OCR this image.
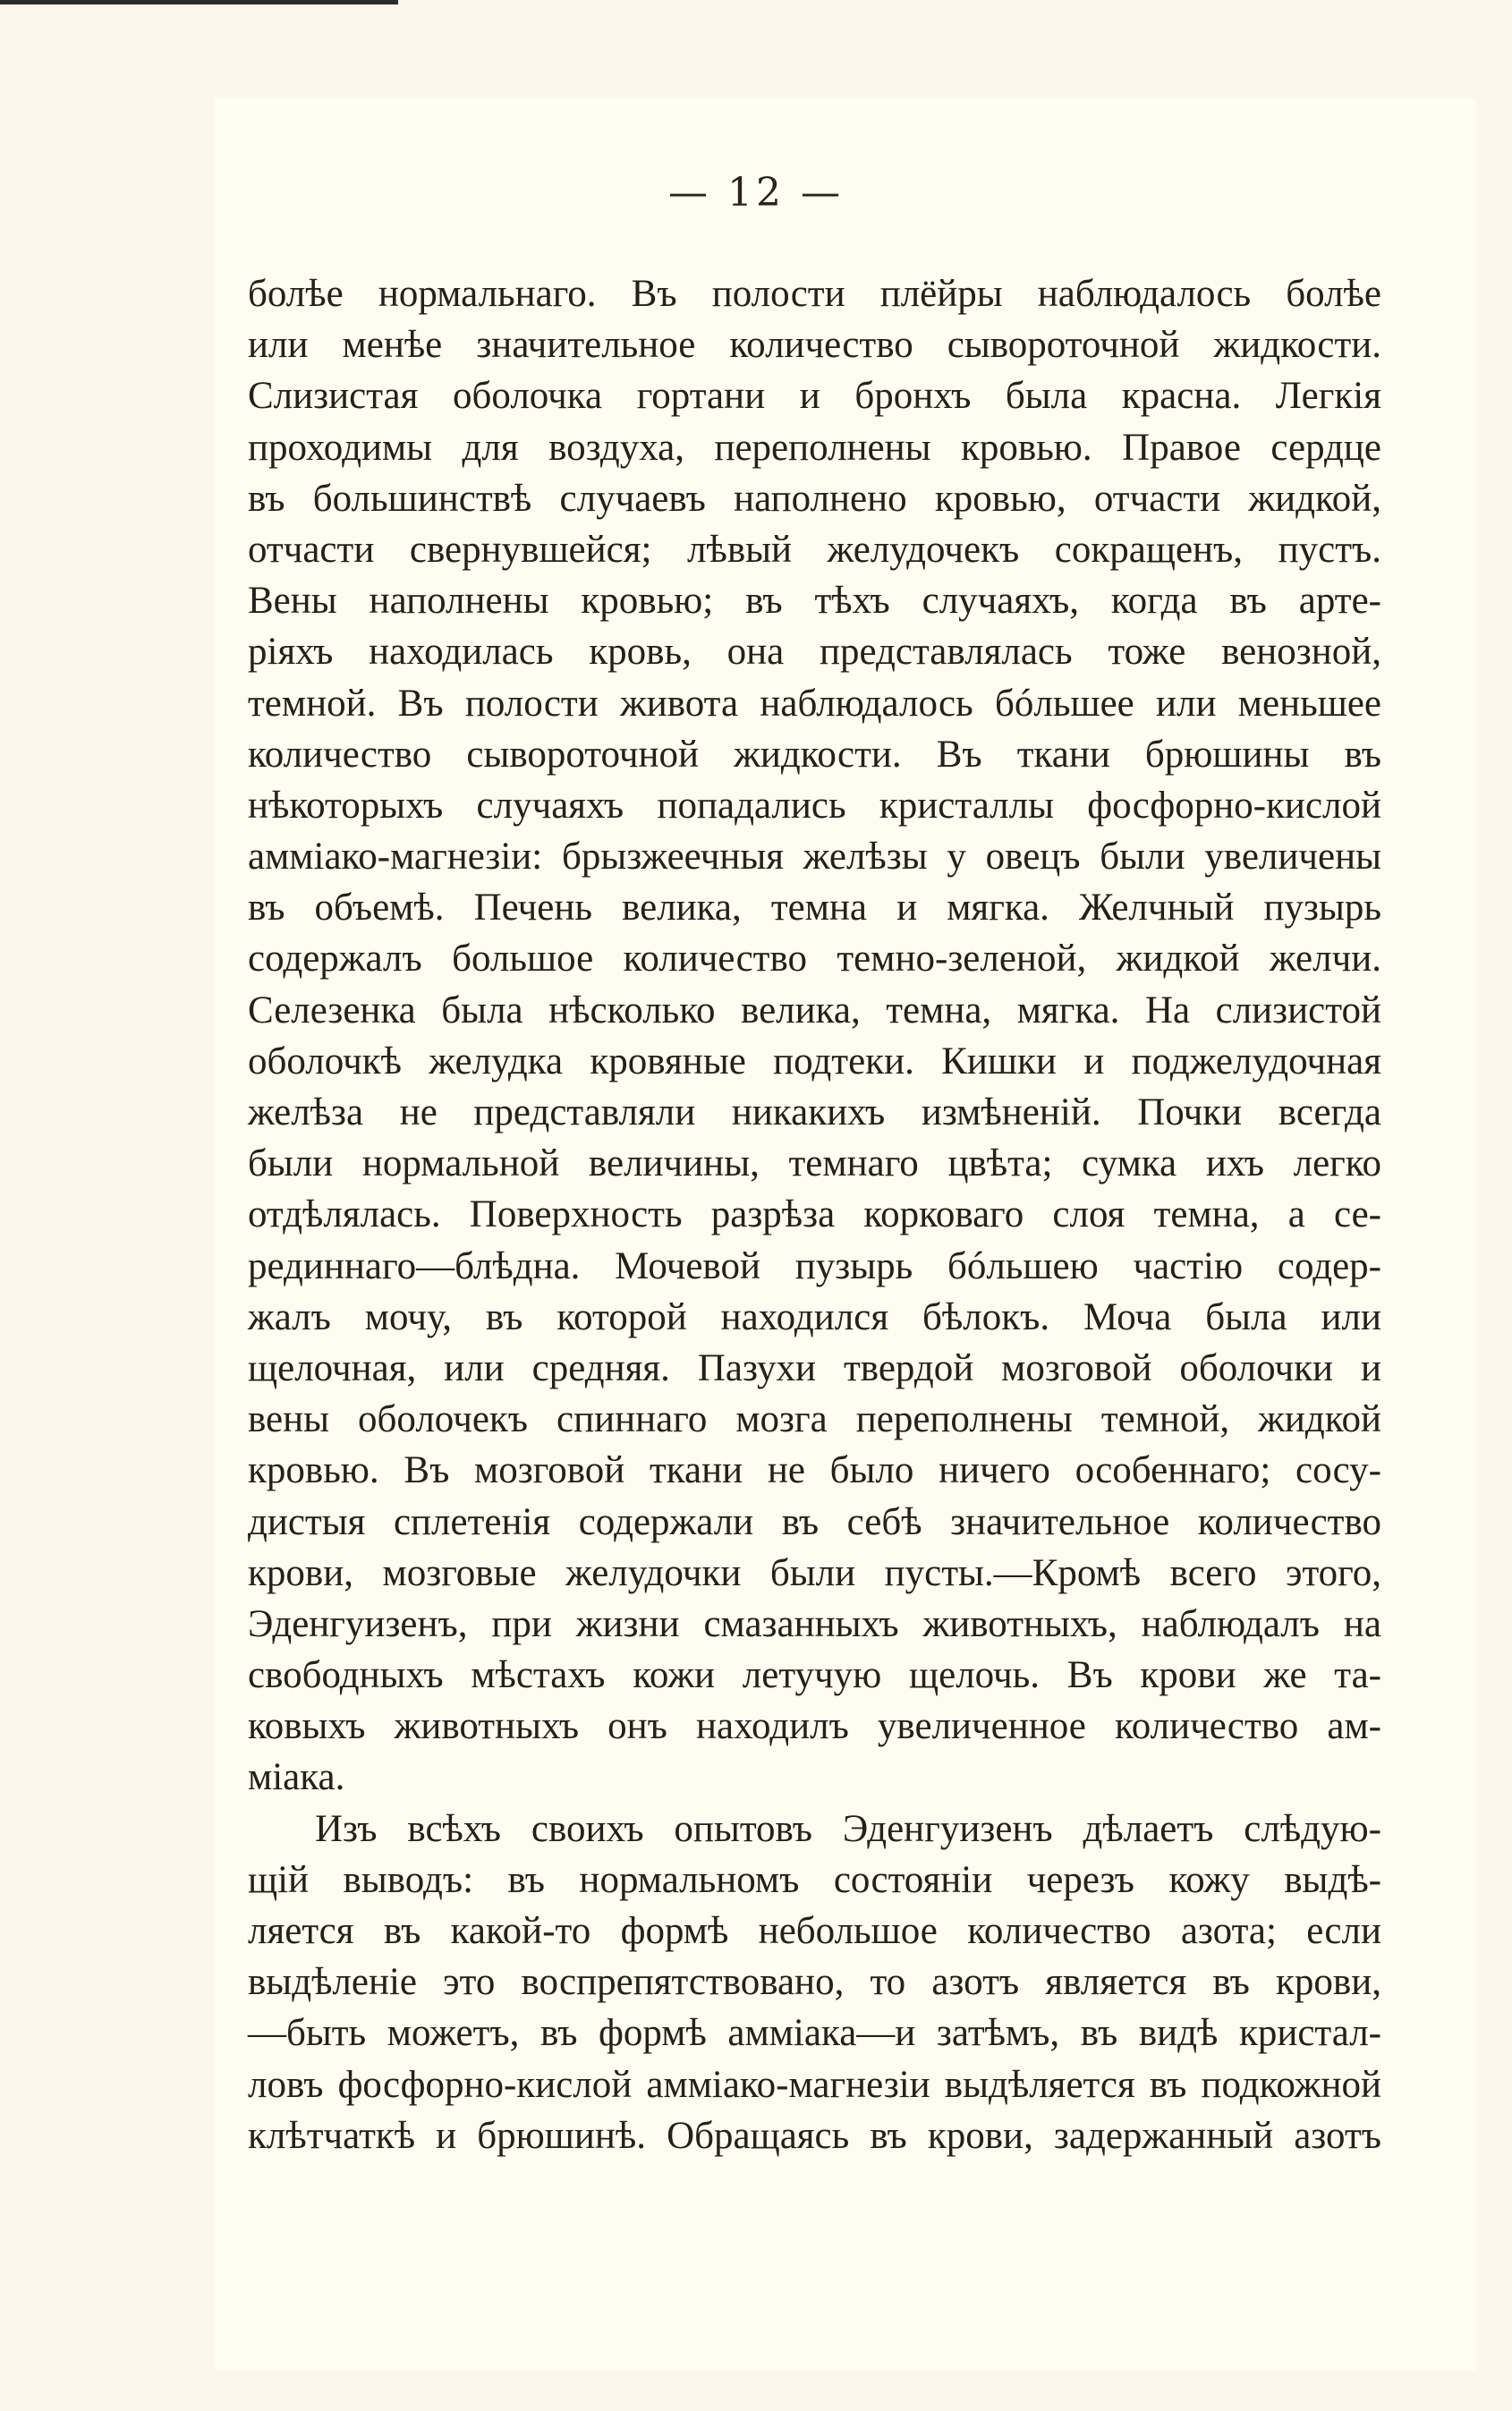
— 12 —
болѣе нормальнаго. Въ полости плёйры наблюдалось болѣе
или менѣе значительное количество сывороточной жидкости.
Слизистая оболочка гортани и бронхъ была красна. Легкія
проходимы для воздуха, переполнены кровью. Правое сердце
въ большинствѣ случаевъ наполнено кровью, отчасти жидкой,
отчасти свернувшейся; лѣвый желудочекъ сокращенъ, пустъ.
Вены наполнены кровью; въ тѣхъ случаяхъ, когда въ арте-
ріяхъ находилась кровь, она представлялась тоже венозной,
темной. Въ полости живота наблюдалось бóльшее или меньшее
количество сывороточной жидкости. Въ ткани брюшины въ
нѣкоторыхъ случаяхъ попадались кристаллы фосфорно-кислой
амміако-магнезіи: брызжеечныя желѣзы у овецъ были увеличены
въ объемѣ. Печень велика, темна и мягка. Желчный пузырь
содержалъ большое количество темно-зеленой, жидкой желчи.
Селезенка была нѣсколько велика, темна, мягка. На слизистой
оболочкѣ желудка кровяные подтеки. Кишки и поджелудочная
желѣза не представляли никакихъ измѣненій. Почки всегда
были нормальной величины, темнаго цвѣта; сумка ихъ легко
отдѣлялась. Поверхность разрѣза корковаго слоя темна, а се-
рединнаго—блѣдна. Мочевой пузырь бóльшею частію содер-
жалъ мочу, въ которой находился бѣлокъ. Моча была или
щелочная, или средняя. Пазухи твердой мозговой оболочки и
вены оболочекъ спиннаго мозга переполнены темной, жидкой
кровью. Въ мозговой ткани не было ничего особеннаго; сосу-
дистыя сплетенія содержали въ себѣ значительное количество
крови, мозговые желудочки были пусты.—Кромѣ всего этого,
Эденгуизенъ, при жизни смазанныхъ животныхъ, наблюдалъ на
свободныхъ мѣстахъ кожи летучую щелочь. Въ крови же та-
ковыхъ животныхъ онъ находилъ увеличенное количество ам-
міака.
Изъ всѣхъ своихъ опытовъ Эденгуизенъ дѣлаетъ слѣдую-
щій выводъ: въ нормальномъ состояніи черезъ кожу выдѣ-
ляется въ какой-то формѣ небольшое количество азота; если
выдѣленіе это воспрепятствовано, то азотъ является въ крови,
—быть можетъ, въ формѣ амміака—и затѣмъ, въ видѣ кристал-
ловъ фосфорно-кислой амміако-магнезіи выдѣляется въ подкожной
клѣтчаткѣ и брюшинѣ. Обращаясь въ крови, задержанный азотъ
